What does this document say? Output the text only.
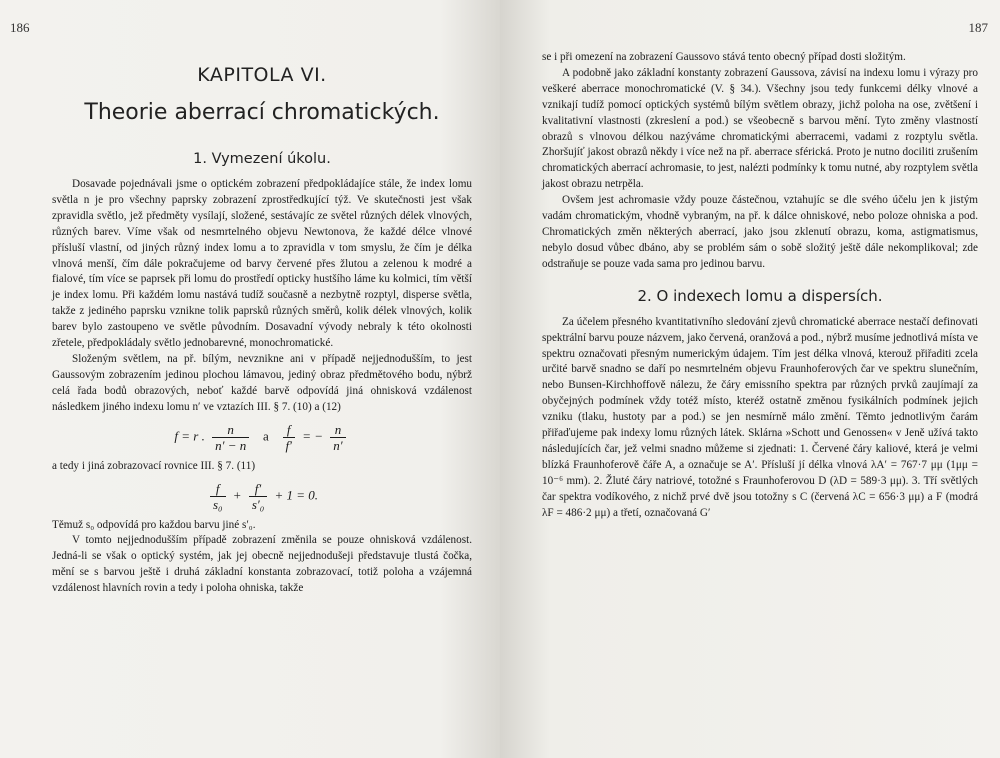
186
KAPITOLA VI.
Theorie aberrací chromatických.
1. Vymezení úkolu.

Dosavade pojednávali jsme o optickém zobrazení předpokládajíce stále, že index lomu světla n je pro všechny paprsky zobrazení zprostředkující týž. Ve skutečnosti jest však zpravidla světlo, jež předměty vysílají, složené, sestávajíc ze světel různých délek vlnových, různých barev. Víme však od nesmrtelného objevu Newtonova, že každé délce vlnové přísluší vlastní, od jiných různý index lomu a to zpravidla v tom smyslu, že čím je délka vlnová menší, čím dále pokračujeme od barvy červené přes žlutou a zelenou k modré a fialové, tím více se paprsek při lomu do prostředí opticky hustšího láme ku kolmici, tím větší je index lomu. Při každém lomu nastává tudíž současně a nezbytně rozptyl, disperse světla, takže z jediného paprsku vznikne tolik paprsků různých směrů, kolik délek vlnových, kolik barev bylo zastoupeno ve světle původním. Dosavadní vývody nebraly k této okolnosti zřetele, předpokládaly světlo jednobarevné, monochromatické.

Složeným světlem, na př. bílým, nevznikne ani v případě nejjednodušším, to jest Gaussovým zobrazením jedinou plochou lámavou, jediný obraz předmětového bodu, nýbrž celá řada bodů obrazových, neboť každé barvě odpovídá jiná ohnisková vzdálenost následkem jiného indexu lomu n′ ve vztazích III. § 7. (10) a (12)

f = r . $\frac{n}{n' - n}$ a $\frac{f}{f'}$ = − $\frac{n}{n'}$

a tedy i jiná zobrazovací rovnice III. § 7. (11)

$\frac{f}{\text{s₀}} + \frac{f'}{\text{s′₀}} + 1 = 0$.

Těmuž s₀ odpovídá pro každou barvu jiné s′₀.

V tomto nejjednodušším případě zobrazení změnila se pouze ohnisková vzdálenost. Jedná-li se však o optický systém, jak jej obecně nejjednodušeji představuje tlustá čočka, mění se s barvou ještě i druhá základní konstanta zobrazovací, totiž poloha a vzájemná vzdálenost hlavních rovin a tedy i poloha ohniska, takže

187

se i při omezení na zobrazení Gaussovo stává tento obecný případ dosti složitým.

A podobně jako základní konstanty zobrazení Gaussova, závisí na indexu lomu i výrazy pro veškeré aberrace monochromatické (V. § 34.). Všechny jsou tedy funkcemi délky vlnové a vznikají tudíž pomocí optických systémů bílým světlem obrazy, jichž poloha na ose, zvětšení i kvalitativní vlastnosti (zkreslení a pod.) se všeobecně s barvou mění. Tyto změny vlastností obrazů s vlnovou délkou nazýváme chromatickými aberracemi, vadami z rozptylu světla. Zhoršujíť jakost obrazů někdy i více než na př. aberrace sférická. Proto je nutno dociliti zrušením chromatických aberrací achromasie, to jest, nalézti podmínky k tomu nutné, aby rozptylem světla jakost obrazu netrpěla.

Ovšem jest achromasie vždy pouze částečnou, vztahujíc se dle svého účelu jen k jistým vadám chromatickým, vhodně vybraným, na př. k dálce ohniskové, nebo poloze ohniska a pod. Chromatických změn některých aberrací, jako jsou zklenutí obrazu, koma, astigmatismus, nebylo dosud vůbec dbáno, aby se problém sám o sobě složitý ještě dále nekomplikoval; zde odstraňuje se pouze vada sama pro jedinou barvu.

2. O indexech lomu a dispersích.

Za účelem přesného kvantitativního sledování zjevů chromatické aberrace nestačí definovati spektrální barvu pouze názvem, jako červená, oranžová a pod., nýbrž musíme jednotlivá místa ve spektru označovati přesným numerickým údajem. Tím jest délka vlnová, kterouž přiřaditi zcela určité barvě snadno se daří po nesmrtelném objevu Fraunhoferových čar ve spektru slunečním, nebo Bunsen-Kirchhoffově nálezu, že čáry emissního spektra par různých prvků zaujímají za obyčejných podmínek vždy totéž místo, kteréž ostatně změnou fysikálních podmínek jejich vzniku (tlaku, hustoty par a pod.) se jen nesmírně málo změní. Těmto jednotlivým čarám přiřaďujeme pak indexy lomu různých látek. Sklárna »Schott und Genossen« v Jeně užívá takto následujících čar, jež velmi snadno můžeme si zjednati: 1. Červené čáry kaliové, která je velmi blízká Fraunhoferově čáře A, a označuje se A′. Přísluší jí délka vlnová λA′ = 767·7 μμ (1μμ = 10⁻⁶ mm). 2. Žluté čáry natriové, totožné s Fraunhoferovou D (λD = 589·3 μμ). 3. Tří světlých čar spektra vodíkového, z nichž prvé dvě jsou totožny s C (červená λC = 656·3 μμ) a F (modrá λF = 486·2 μμ) a třetí, označovaná G′
